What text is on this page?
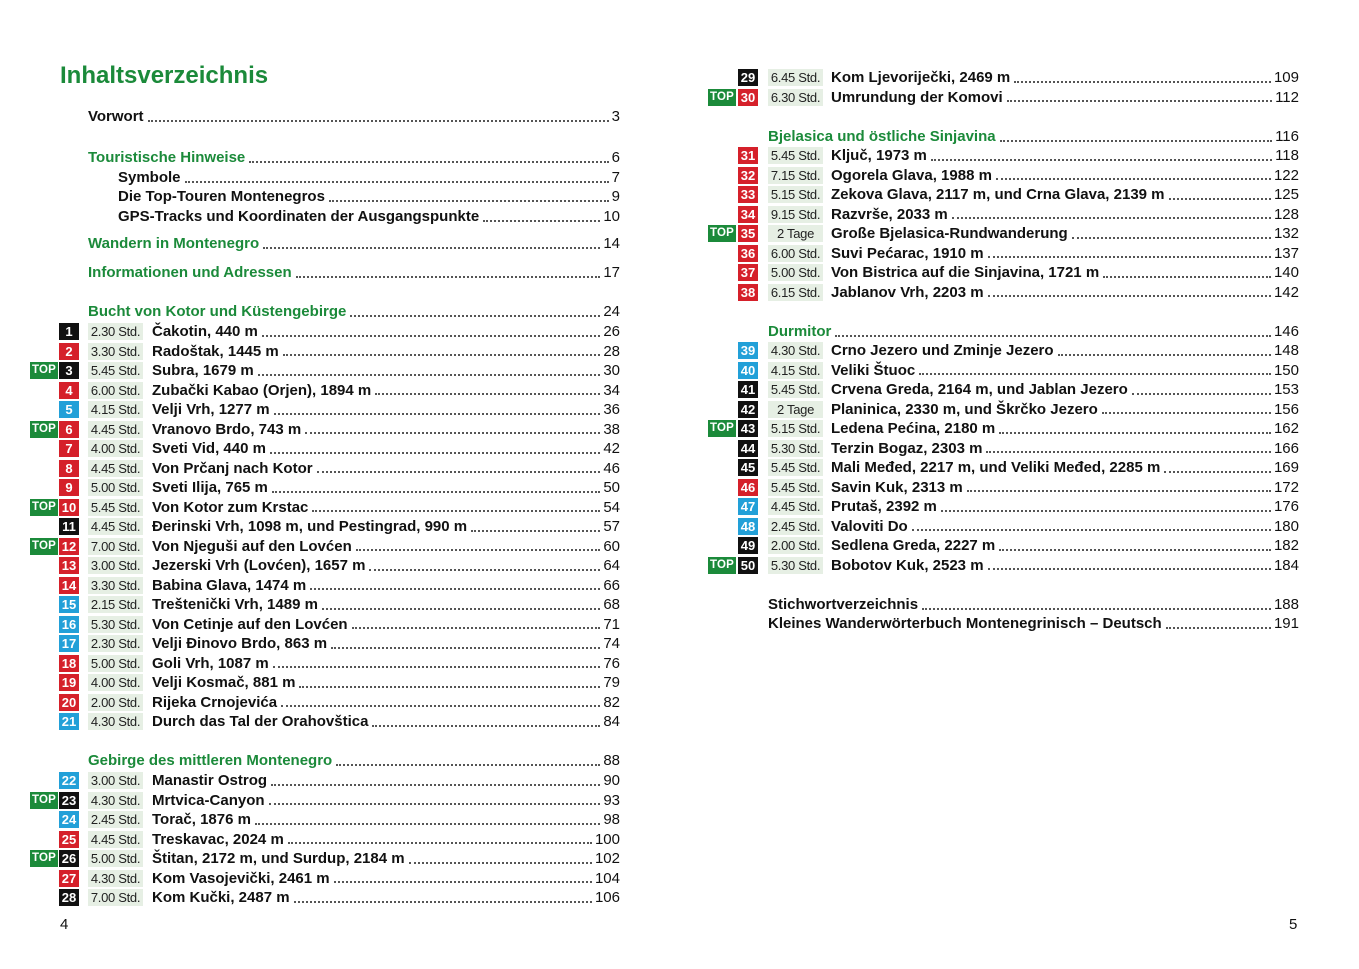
Inhaltsverzeichnis
Vorwort	3
Touristische Hinweise	6
Symbole	7
Die Top-Touren Montenegros	9
GPS-Tracks und Koordinaten der Ausgangspunkte	10
Wandern in Montenegro	14
Informationen und Adressen	17
Bucht von Kotor und Küstengebirge	24
1	2.30 Std. Čakotin, 440 m	26
2	3.30 Std. Radoštak, 1445 m	28
TOP 3	5.45 Std. Subra, 1679 m	30
4	6.00 Std. Zubački Kabao (Orjen), 1894 m	34
5	4.15 Std. Velji Vrh, 1277 m	36
TOP 6	4.45 Std. Vranovo Brdo, 743 m	38
7	4.00 Std. Sveti Vid, 440 m	42
8	4.45 Std. Von Prčanj nach Kotor	46
9	5.00 Std. Sveti Ilija, 765 m	50
TOP 10 5.45 Std. Von Kotor zum Krstac	54
11 4.45 Std. Đerinski Vrh, 1098 m, und Pestingrad, 990 m	57
TOP 12 7.00 Std. Von Njeguši auf den Lovćen	60
13 3.00 Std. Jezerski Vrh (Lovćen), 1657 m	64
14 3.30 Std. Babina Glava, 1474 m	66
15 2.15 Std. Treštenički Vrh, 1489 m	68
16 5.30 Std. Von Cetinje auf den Lovćen	71
17 2.30 Std. Velji Đinovo Brdo, 863 m	74
18 5.00 Std. Goli Vrh, 1087 m	76
19 4.00 Std. Velji Kosmač, 881 m	79
20 2.00 Std. Rijeka Crnojevića	82
21 4.30 Std. Durch das Tal der Orahovštica	84
Gebirge des mittleren Montenegro	88
22 3.00 Std. Manastir Ostrog	90
TOP 23 4.30 Std. Mrtvica-Canyon	93
24 2.45 Std. Torač, 1876 m	98
25 4.45 Std. Treskavac, 2024 m	100
TOP 26 5.00 Std. Štitan, 2172 m, und Surdup, 2184 m	102
27 4.30 Std. Kom Vasojevički, 2461 m	104
28 7.00 Std. Kom Kučki, 2487 m	106
4
29 6.45 Std. Kom Ljevoriječki, 2469 m	109
TOP 30 6.30 Std. Umrundung der Komovi	112
Bjelasica und östliche Sinjavina	116
31 5.45 Std. Ključ, 1973 m	118
32 7.15 Std. Ogorela Glava, 1988 m	122
33 5.15 Std. Zekova Glava, 2117 m, und Crna Glava, 2139 m	125
34 9.15 Std. Razvrše, 2033 m	128
TOP 35	2 Tage	Große Bjelasica-Rundwanderung	132
36 6.00 Std. Suvi Pećarac, 1910 m	137
37 5.00 Std. Von Bistrica auf die Sinjavina, 1721 m	140
38 6.15 Std. Jablanov Vrh, 2203 m	142
Durmitor	146
39 4.30 Std. Crno Jezero und Zminje Jezero	148
40 4.15 Std. Veliki Štuoc	150
41 5.45 Std. Crvena Greda, 2164 m, und Jablan Jezero	153
42	2 Tage	Planinica, 2330 m, und Škrčko Jezero	156
TOP 43 5.15 Std. Ledena Pećina, 2180 m	162
44 5.30 Std. Terzin Bogaz, 2303 m	166
45 5.45 Std. Mali Međed, 2217 m, und Veliki Međed, 2285 m	169
46 5.45 Std. Savin Kuk, 2313 m	172
47 4.45 Std. Prutaš, 2392 m	176
48 2.45 Std. Valoviti Do	180
49 2.00 Std. Sedlena Greda, 2227 m	182
TOP 50 5.30 Std. Bobotov Kuk, 2523 m	184
Stichwortverzeichnis	188
Kleines Wanderwörterbuch Montenegrinisch – Deutsch	191
5
